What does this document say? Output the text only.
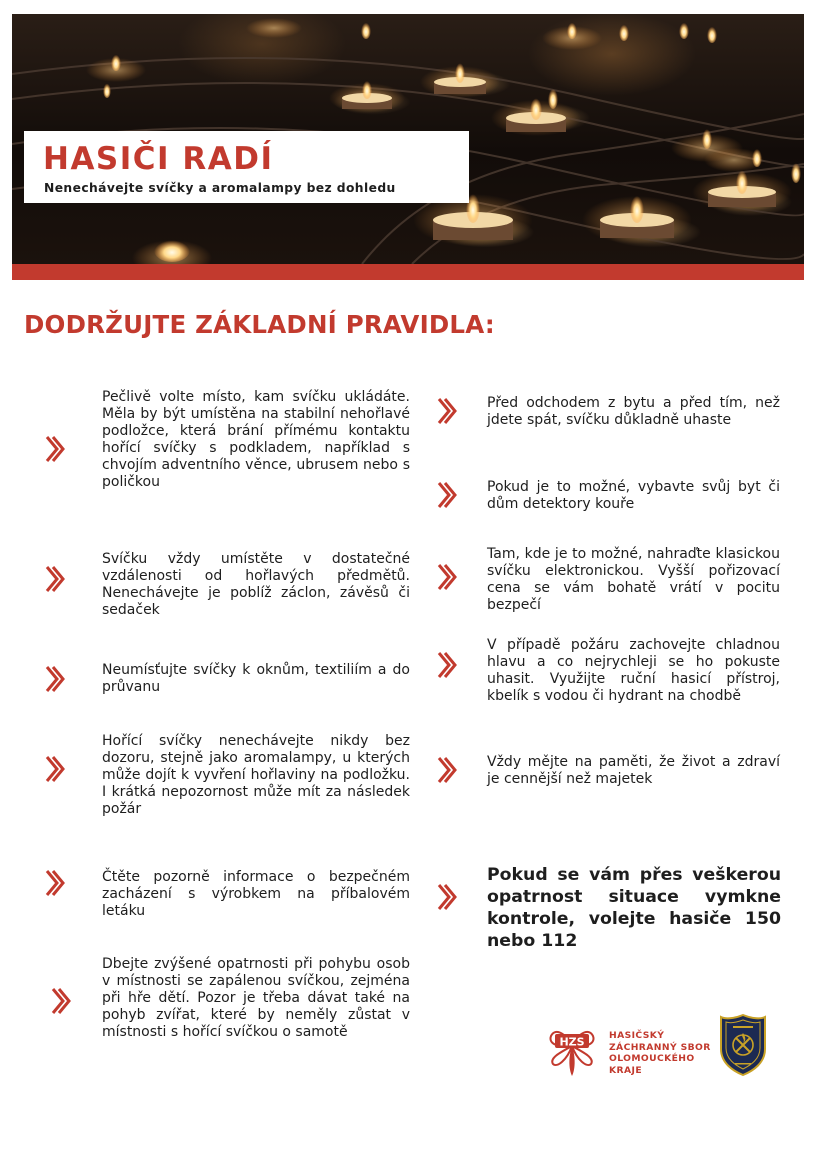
HASIČI RADÍ

Nenechávejte svíčky a aromalampy bez dohledu

DODRŽUJTE ZÁKLADNÍ PRAVIDLA:

Pečlivě volte místo, kam svíčku ukládáte. Měla by být umístěna na stabilní nehořlavé podložce, která brání přímému kontaktu hořící svíčky s podkladem, například s chvojím adventního věnce, ubrusem nebo s poličkou

Svíčku vždy umístěte v dostatečné vzdálenosti od hořlavých předmětů. Nenechávejte je poblíž záclon, závěsů či sedaček

Neumísťujte svíčky k oknům, textiliím a do průvanu

Hořící svíčky nenechávejte nikdy bez dozoru, stejně jako aromalampy, u kterých může dojít k vyvření hořlaviny na podložku. I krátká nepozornost může mít za následek požár

Čtěte pozorně informace o bezpečném zacházení s výrobkem na příbalovém letáku

Dbejte zvýšené opatrnosti při pohybu osob v místnosti se zapálenou svíčkou, zejména při hře dětí. Pozor je třeba dávat také na pohyb zvířat, které by neměly zůstat v místnosti s hořící svíčkou o samotě

Před odchodem z bytu a před tím, než jdete spát, svíčku důkladně uhaste

Pokud je to možné, vybavte svůj byt či dům detektory kouře

Tam, kde je to možné, nahraďte klasickou svíčku elektronickou. Vyšší pořizovací cena se vám bohatě vrátí v pocitu bezpečí

V případě požáru zachovejte chladnou hlavu a co nejrychleji se ho pokuste uhasit. Využijte ruční hasicí přístroj, kbelík s vodou či hydrant na chodbě

Vždy mějte na paměti, že život a zdraví je cennější než majetek

Pokud se vám přes veškerou opatrnost situace vymkne kontrole, volejte hasiče 150 nebo 112

HZS	HASIČSKÝ
ZÁCHRANNÝ SBOR
OLOMOUCKÉHO
KRAJE
